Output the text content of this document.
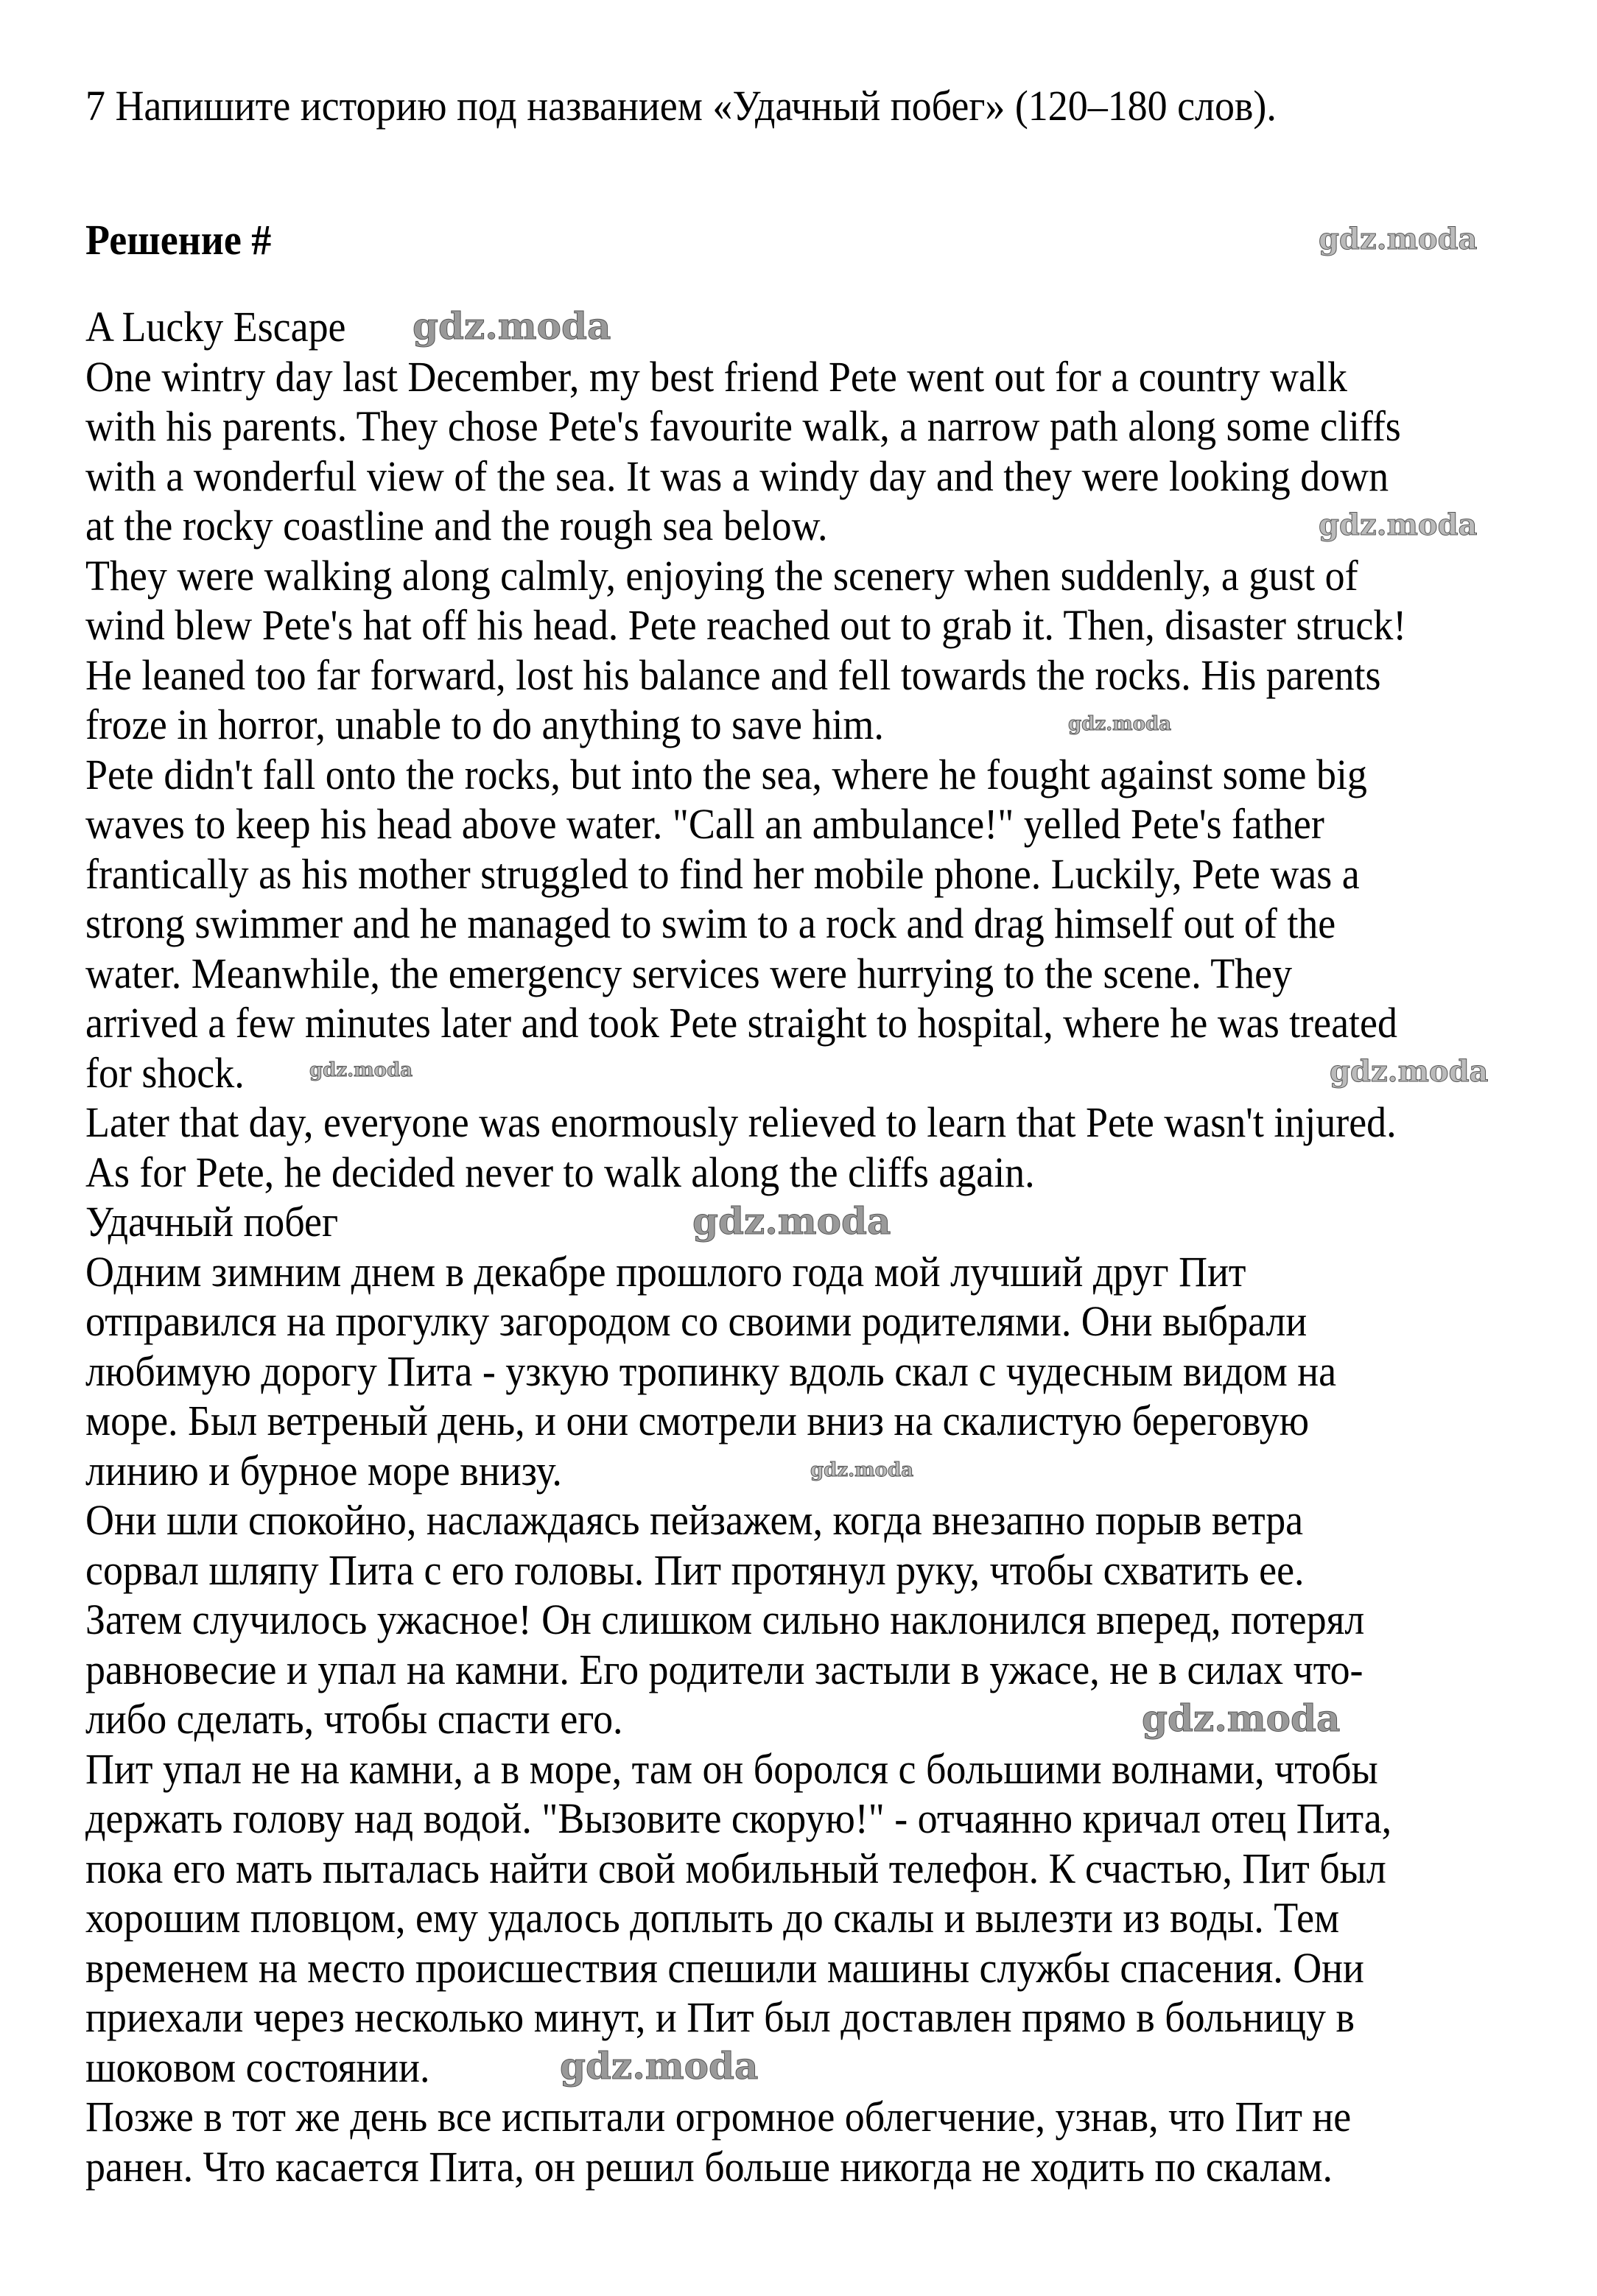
7 Напишите историю под названием «Удачный побег» (120–180 слов).
Решение #
A Lucky Escape
One wintry day last December, my best friend Pete went out for a country walk
with his parents. They chose Pete's favourite walk, a narrow path along some cliffs
with a wonderful view of the sea. It was a windy day and they were looking down
at the rocky coastline and the rough sea below.
They were walking along calmly, enjoying the scenery when suddenly, a gust of
wind blew Pete's hat off his head. Pete reached out to grab it. Then, disaster struck!
He leaned too far forward, lost his balance and fell towards the rocks. His parents
froze in horror, unable to do anything to save him.
Pete didn't fall onto the rocks, but into the sea, where he fought against some big
waves to keep his head above water. "Call an ambulance!" yelled Pete's father
frantically as his mother struggled to find her mobile phone. Luckily, Pete was a
strong swimmer and he managed to swim to a rock and drag himself out of the
water. Meanwhile, the emergency services were hurrying to the scene. They
arrived a few minutes later and took Pete straight to hospital, where he was treated
for shock.
Later that day, everyone was enormously relieved to learn that Pete wasn't injured.
As for Pete, he decided never to walk along the cliffs again.
Удачный побег
Одним зимним днем в декабре прошлого года мой лучший друг Пит
отправился на прогулку загородом со своими родителями. Они выбрали
любимую дорогу Пита - узкую тропинку вдоль скал с чудесным видом на
море. Был ветреный день, и они смотрели вниз на скалистую береговую
линию и бурное море внизу.
Они шли спокойно, наслаждаясь пейзажем, когда внезапно порыв ветра
сорвал шляпу Пита с его головы. Пит протянул руку, чтобы схватить ее.
Затем случилось ужасное! Он слишком сильно наклонился вперед, потерял
равновесие и упал на камни. Его родители застыли в ужасе, не в силах что-
либо сделать, чтобы спасти его.
Пит упал не на камни, а в море, там он боролся с большими волнами, чтобы
держать голову над водой. "Вызовите скорую!" - отчаянно кричал отец Пита,
пока его мать пыталась найти свой мобильный телефон. К счастью, Пит был
хорошим пловцом, ему удалось доплыть до скалы и вылезти из воды. Тем
временем на место происшествия спешили машины службы спасения. Они
приехали через несколько минут, и Пит был доставлен прямо в больницу в
шоковом состоянии.
Позже в тот же день все испытали огромное облегчение, узнав, что Пит не
ранен. Что касается Пита, он решил больше никогда не ходить по скалам.
gdz.moda
gdz.moda
gdz.moda
gdz.moda
gdz.moda	gdz.moda
gdz.moda
gdz.moda
gdz.moda
gdz.moda
